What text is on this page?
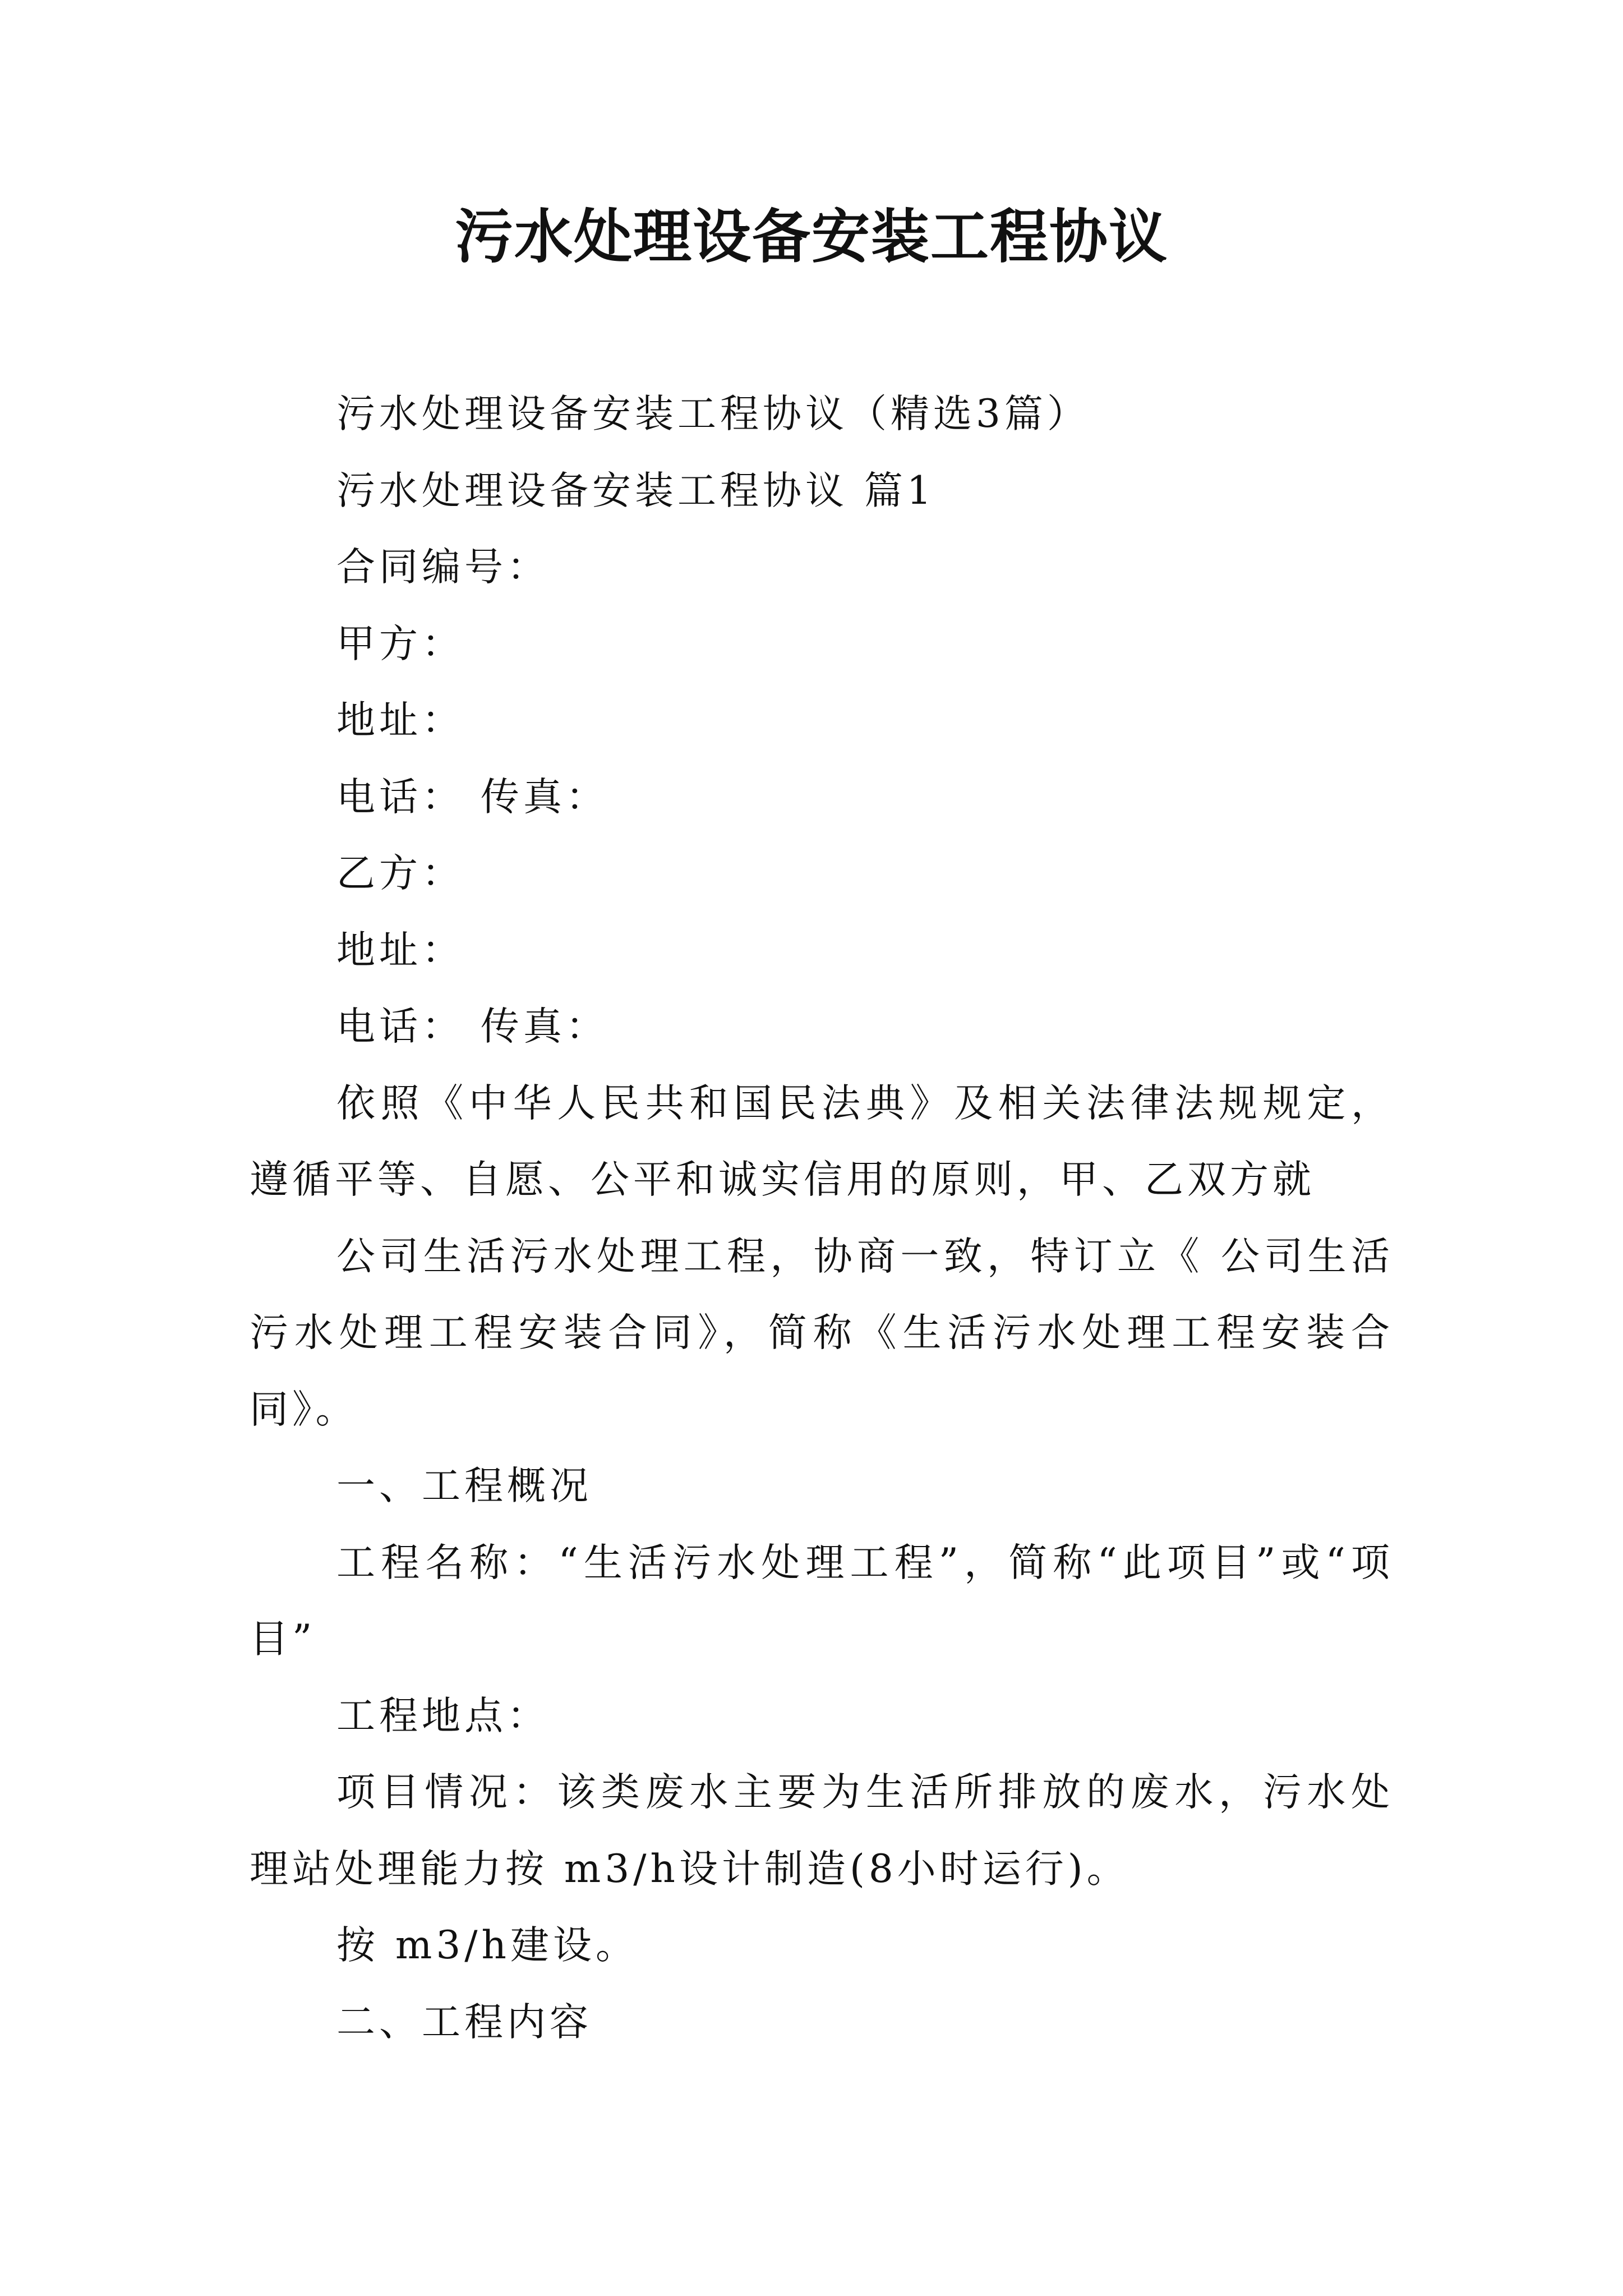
污水处理设备安装工程协议

污水处理设备安装工程协议（精选3篇）

污水处理设备安装工程协议 篇1

合同编号：

甲方：

地址：

电话： 传真：

乙方：

地址：

电话： 传真：

依照《中华人民共和国民法典》及相关法律法规规定，遵循平等、自愿、公平和诚实信用的原则，甲、乙双方就

公司生活污水处理工程，协商一致，特订立《 公司生活污水处理工程安装合同》，简称《生活污水处理工程安装合同》。

一、工程概况

工程名称：“生活污水处理工程”，简称“此项目”或“项目”

工程地点：

项目情况：该类废水主要为生活所排放的废水，污水处理站处理能力按 m3/h设计制造(8小时运行)。

按 m3/h建设。

二、工程内容
